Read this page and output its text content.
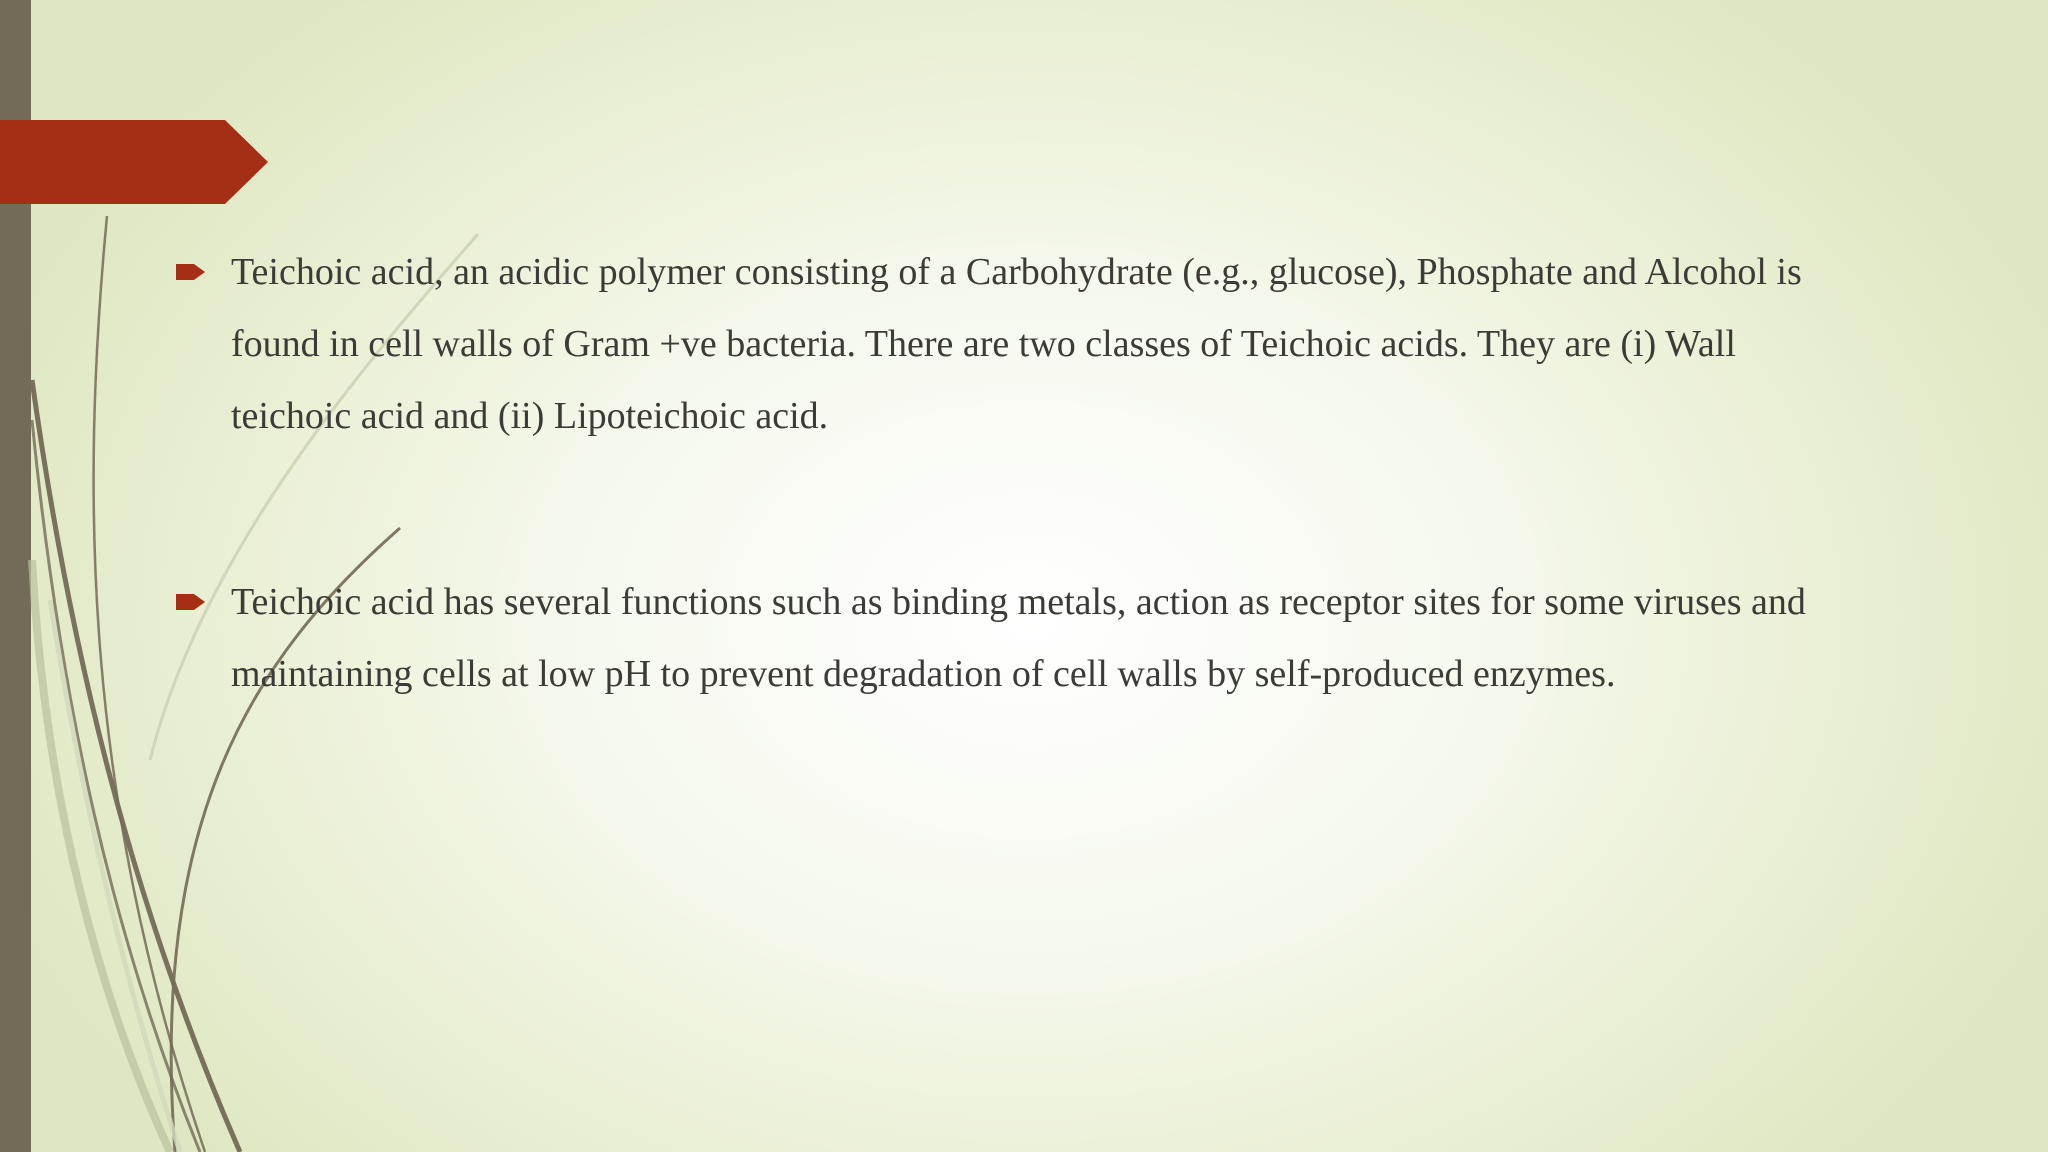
Teichoic acid, an acidic polymer consisting of a Carbohydrate (e.g., glucose), Phosphate and Alcohol is found in cell walls of Gram +ve bacteria. There are two classes of Teichoic acids. They are (i) Wall teichoic acid and (ii) Lipoteichoic acid.
Teichoic acid has several functions such as binding metals, action as receptor sites for some viruses and maintaining cells at low pH to prevent degradation of cell walls by self-produced enzymes.
